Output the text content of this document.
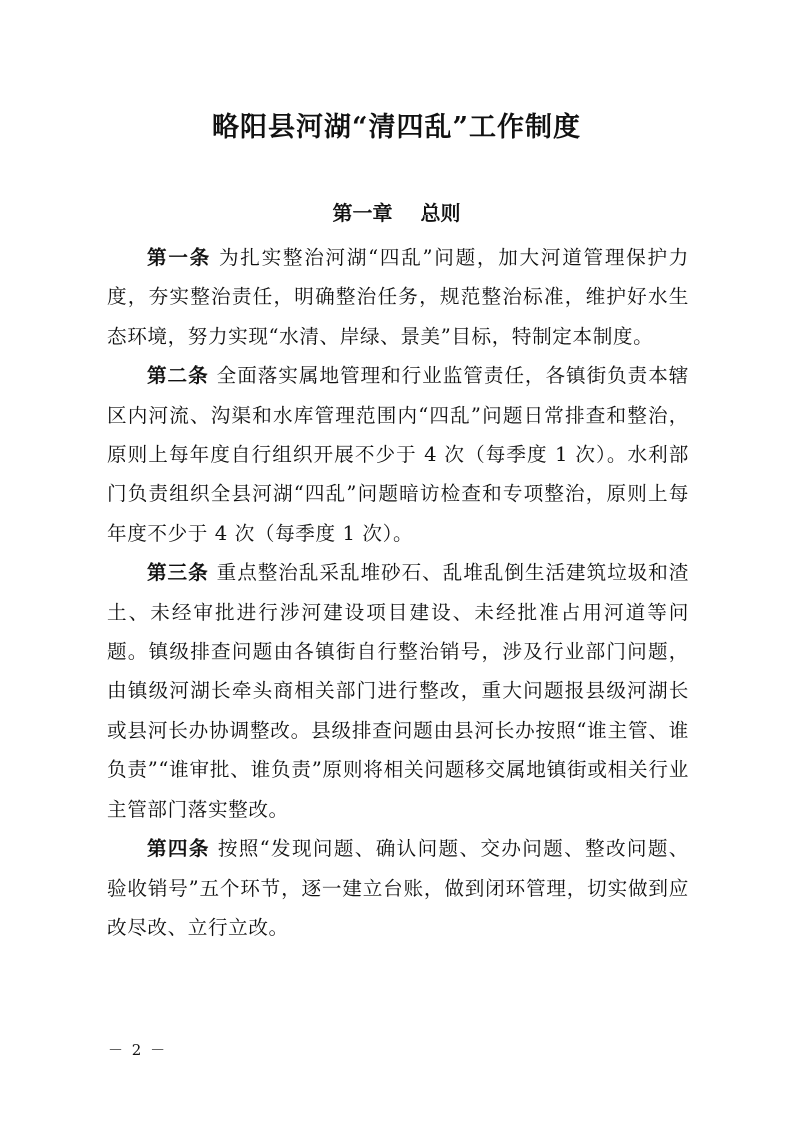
略阳县河湖“清四乱”工作制度
第一章 总则

第一条 为扎实整治河湖“四乱”问题，加大河道管理保护力度，夯实整治责任，明确整治任务，规范整治标准，维护好水生态环境，努力实现“水清、岸绿、景美”目标，特制定本制度。

第二条 全面落实属地管理和行业监管责任，各镇街负责本辖区内河流、沟渠和水库管理范围内“四乱”问题日常排查和整治，原则上每年度自行组织开展不少于 4 次（每季度 1 次）。水利部门负责组织全县河湖“四乱”问题暗访检查和专项整治，原则上每年度不少于 4 次（每季度 1 次）。

第三条 重点整治乱采乱堆砂石、乱堆乱倒生活建筑垃圾和渣土、未经审批进行涉河建设项目建设、未经批准占用河道等问题。镇级排查问题由各镇街自行整治销号，涉及行业部门问题，由镇级河湖长牵头商相关部门进行整改，重大问题报县级河湖长或县河长办协调整改。县级排查问题由县河长办按照“谁主管、谁负责”“谁审批、谁负责”原则将相关问题移交属地镇街或相关行业主管部门落实整改。

第四条 按照“发现问题、确认问题、交办问题、整改问题、验收销号”五个环节，逐一建立台账，做到闭环管理，切实做到应改尽改、立行立改。

－ 2 －
